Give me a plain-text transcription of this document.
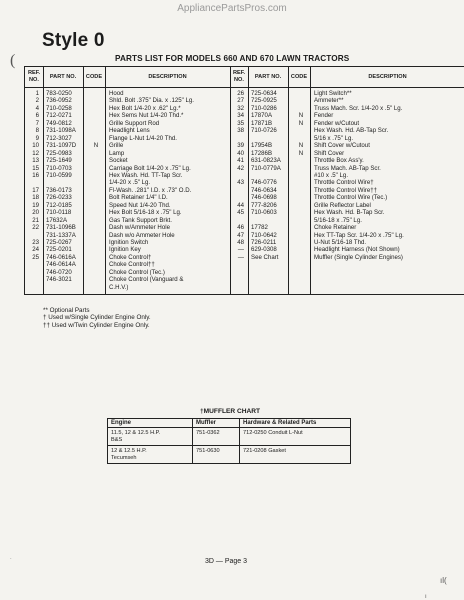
AppliancePartsPros.com
(
Style 0
PARTS LIST FOR MODELS 660 AND 670 LAWN TRACTORS
REF. NO.
PART NO.	CODE	DESCRIPTION
REF. NO.
PART NO.	CODE	DESCRIPTION
1 783-0250	Hood
2 736-0952	Shld. Bolt .375" Dia. x .125" Lg.
4 710-0258	Hex Bolt 1/4-20 x .62" Lg.*
6 712-0271	Hex Sems Nut 1/4-20 Thd.*
7 749-0812	Grille Support Rod
8 731-1098A	Headlight Lens
9 712-3027	Flange L-Nut 1/4-20 Thd.
10 731-1097D	N	Grille
12 725-0983	Lamp
13 725-1649	Socket
15 710-0703	Carriage Bolt 1/4-20 x .75" Lg.
16 710-0599	Hex Wash. Hd. TT-Tap Scr.
1/4-20 x .5" Lg.
17 736-0173	Fl-Wash. .281" I.D. x .73" O.D.
18 726-0233	Bolt Retainer 1/4" I.D.
19 712-0185	Speed Nut 1/4-20 Thd.
20 710-0118	Hex Bolt 5/16-18 x .75" Lg.
21 17632A	Gas Tank Support Brkt.
22 731-1096B	Dash w/Ammeter Hole
731-1337A	Dash w/o Ammeter Hole
23 725-0267	Ignition Switch
24 725-0201	Ignition Key
25 746-0616A	Choke Control†
746-0614A	Choke Control††
746-0720	Choke Control (Tec.)
746-3021	Choke Control (Vanguard &
C.H.V.)
26 725-0634	Light Switch**
27 725-0925	Ammeter**
32 710-0286	Truss Mach. Scr. 1/4-20 x .5" Lg.
34 17870A	N	Fender
35 17871B	N	Fender w/Cutout
38 710-0726	Hex Wash. Hd. AB-Tap Scr.
5/16 x .75" Lg.
39 17954B	N	Shift Cover w/Cutout
40 17286B	N	Shift Cover
41 631-0823A	Throttle Box Ass'y.
42 710-0779A	Truss Mach. AB-Tap Scr.
#10 x .5" Lg.
43 746-0776	Throttle Control Wire†
746-0634	Throttle Control Wire††
746-0698	Throttle Control Wire (Tec.)
44 777-8206	Grille Reflector Label
45 710-0603	Hex Wash. Hd. B-Tap Scr.
5/16-18 x .75" Lg.
46 17782	Choke Retainer
47 710-0642	Hex TT-Tap Scr. 1/4-20 x .75" Lg.
48 726-0211	U-Nut 5/16-18 Thd.
— 629-0308	Headlight Harness (Not Shown)
— See Chart	Muffler (Single Cylinder Engines)
** Optional Parts
† Used w/Single Cylinder Engine Only.
†† Used w/Twin Cylinder Engine Only.
†MUFFLER CHART
Engine	Muffler	Hardware & Related Parts

11.5, 12 & 12.5 H.P.
B&S	751-0362	712-0250 Conduit L-Nut

12 & 12.5 H.P.
Tecumseh	751-0630	721-0208 Gasket
3D — Page 3
ıl(
ı
.
